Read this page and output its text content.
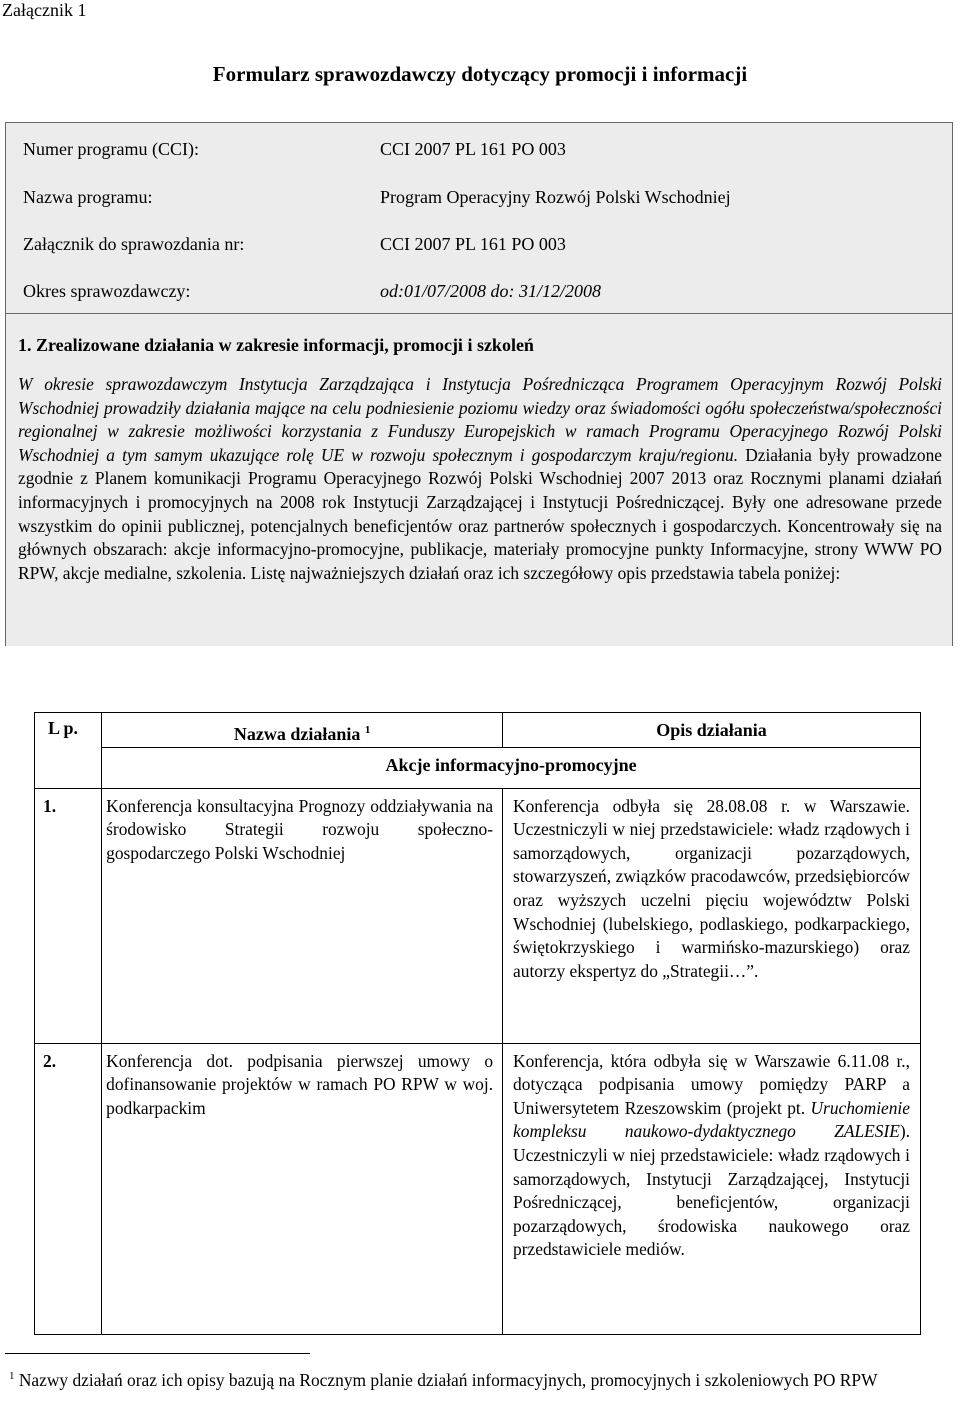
Załącznik 1
Formularz sprawozdawczy dotyczący promocji i informacji
Numer programu (CCI):	CCI 2007 PL 161 PO 003
Nazwa programu:	Program Operacyjny Rozwój Polski Wschodniej
Załącznik do sprawozdania nr:	CCI 2007 PL 161 PO 003
Okres sprawozdawczy:	od:01/07/2008 do: 31/12/2008
1. Zrealizowane działania w zakresie informacji, promocji i szkoleń
W okresie sprawozdawczym Instytucja Zarządzająca i Instytucja Pośrednicząca Programem Operacyjnym Rozwój Polski Wschodniej prowadziły działania mające na celu podniesienie poziomu wiedzy oraz świadomości ogółu społeczeństwa/społeczności regionalnej w zakresie możliwości korzystania z Funduszy Europejskich w ramach Programu Operacyjnego Rozwój Polski Wschodniej a tym samym ukazujące rolę UE w rozwoju społecznym i gospodarczym kraju/regionu. Działania były prowadzone zgodnie z Planem komunikacji Programu Operacyjnego Rozwój Polski Wschodniej 2007 2013 oraz Rocznymi planami działań informacyjnych i promocyjnych na 2008 rok Instytucji Zarządzającej i Instytucji Pośredniczącej. Były one adresowane przede wszystkim do opinii publicznej, potencjalnych beneficjentów oraz partnerów społecznych i gospodarczych. Koncentrowały się na głównych obszarach: akcje informacyjno-promocyjne, publikacje, materiały promocyjne punkty Informacyjne, strony WWW PO RPW, akcje medialne, szkolenia. Listę najważniejszych działań oraz ich szczegółowy opis przedstawia tabela poniżej:
L p.	Nazwa działania $^1$	Opis działania
	Akcje informacyjno-promocyjne	
1.	Konferencja konsultacyjna Prognozy oddziaływania na środowisko Strategii rozwoju społeczno-gospodarczego Polski Wschodniej	Konferencja odbyła się 28.08.08 r. w Warszawie. Uczestniczyli w niej przedstawiciele: władz rządowych i samorządowych, organizacji pozarządowych, stowarzyszeń, związków pracodawców, przedsiębiorców oraz wyższych uczelni pięciu województw Polski Wschodniej (lubelskiego, podlaskiego, podkarpackiego, świętokrzyskiego i warmińsko-mazurskiego) oraz autorzy ekspertyz do „Strategii…”.
2.	Konferencja dot. podpisania pierwszej umowy o dofinansowanie projektów w ramach PO RPW w woj. podkarpackim	Konferencja, która odbyła się w Warszawie 6.11.08 r., dotycząca podpisania umowy pomiędzy PARP a Uniwersytetem Rzeszowskim (projekt pt. Uruchomienie kompleksu naukowo-dydaktycznego ZALESIE). Uczestniczyli w niej przedstawiciele: władz rządowych i samorządowych, Instytucji Zarządzającej, Instytucji Pośredniczącej, beneficjentów, organizacji pozarządowych, środowiska naukowego oraz przedstawiciele mediów.
$^1$ Nazwy działań oraz ich opisy bazują na Rocznym planie działań informacyjnych, promocyjnych i szkoleniowych PO RPW
